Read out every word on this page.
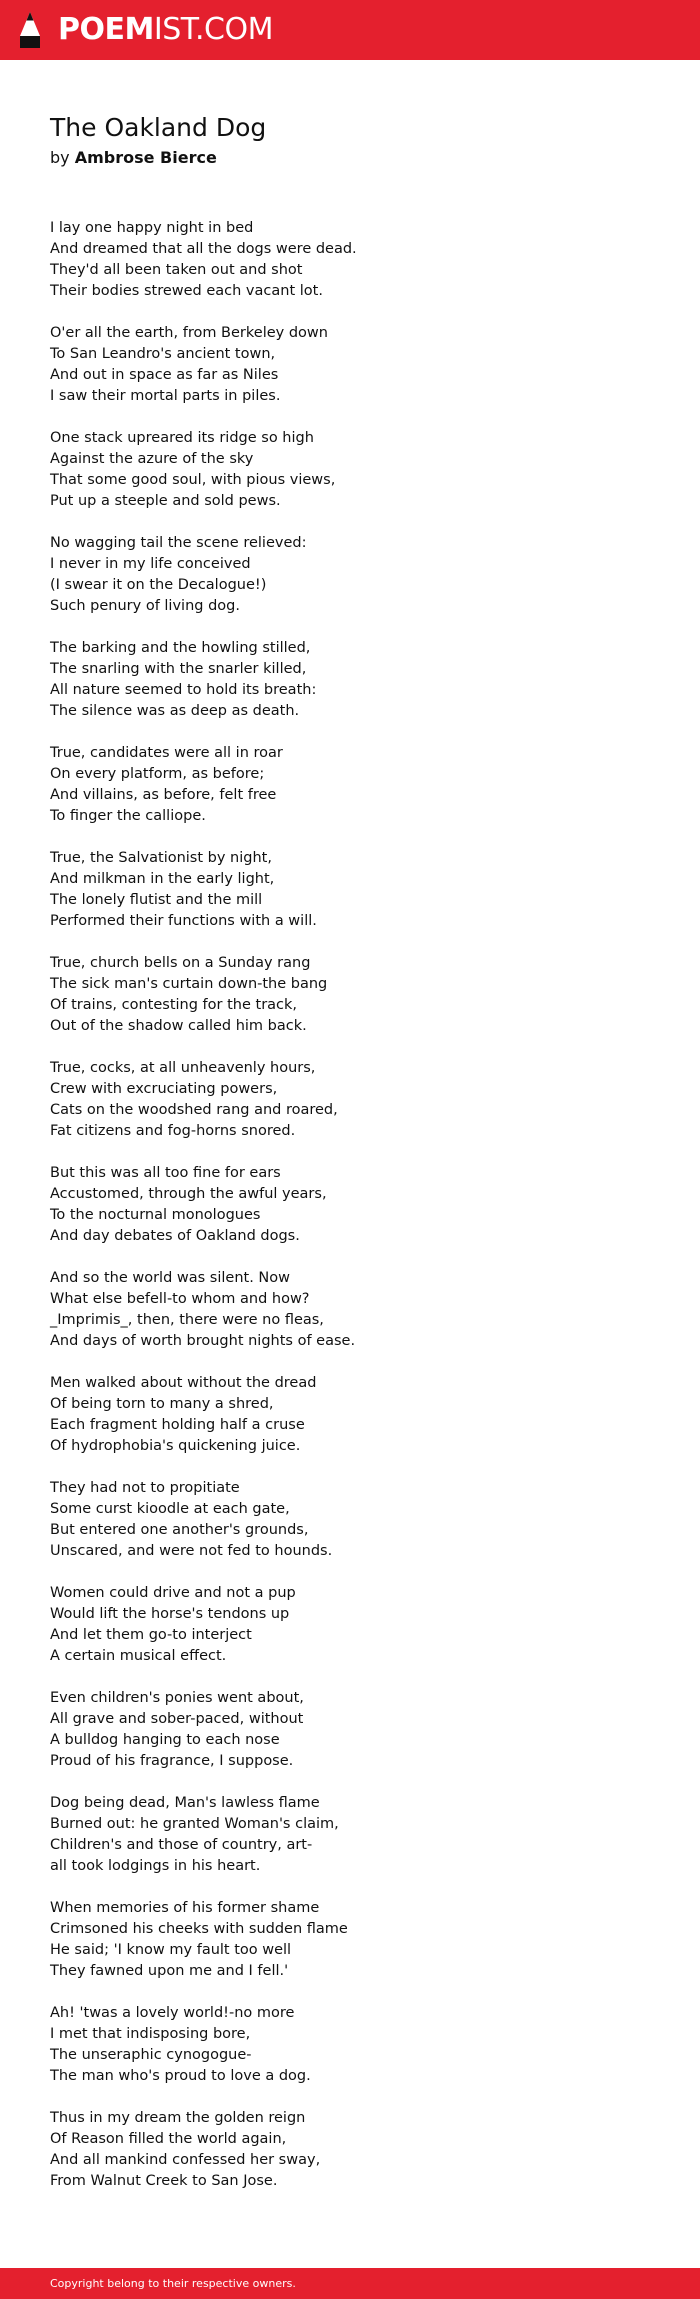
POEMIST.COM
The Oakland Dog
by Ambrose Bierce
I lay one happy night in bed
And dreamed that all the dogs were dead.
They'd all been taken out and shot
Their bodies strewed each vacant lot.
O'er all the earth, from Berkeley down
To San Leandro's ancient town,
And out in space as far as Niles
I saw their mortal parts in piles.
One stack upreared its ridge so high
Against the azure of the sky
That some good soul, with pious views,
Put up a steeple and sold pews.
No wagging tail the scene relieved:
I never in my life conceived
(I swear it on the Decalogue!)
Such penury of living dog.
The barking and the howling stilled,
The snarling with the snarler killed,
All nature seemed to hold its breath:
The silence was as deep as death.
True, candidates were all in roar
On every platform, as before;
And villains, as before, felt free
To finger the calliope.
True, the Salvationist by night,
And milkman in the early light,
The lonely flutist and the mill
Performed their functions with a will.
True, church bells on a Sunday rang
The sick man's curtain down-the bang
Of trains, contesting for the track,
Out of the shadow called him back.
True, cocks, at all unheavenly hours,
Crew with excruciating powers,
Cats on the woodshed rang and roared,
Fat citizens and fog-horns snored.
But this was all too fine for ears
Accustomed, through the awful years,
To the nocturnal monologues
And day debates of Oakland dogs.
And so the world was silent. Now
What else befell-to whom and how?
_Imprimis_, then, there were no fleas,
And days of worth brought nights of ease.
Men walked about without the dread
Of being torn to many a shred,
Each fragment holding half a cruse
Of hydrophobia's quickening juice.
They had not to propitiate
Some curst kioodle at each gate,
But entered one another's grounds,
Unscared, and were not fed to hounds.
Women could drive and not a pup
Would lift the horse's tendons up
And let them go-to interject
A certain musical effect.
Even children's ponies went about,
All grave and sober-paced, without
A bulldog hanging to each nose
Proud of his fragrance, I suppose.
Dog being dead, Man's lawless flame
Burned out: he granted Woman's claim,
Children's and those of country, art-
all took lodgings in his heart.
When memories of his former shame
Crimsoned his cheeks with sudden flame
He said; 'I know my fault too well
They fawned upon me and I fell.'
Ah! 'twas a lovely world!-no more
I met that indisposing bore,
The unseraphic cynogogue-
The man who's proud to love a dog.
Thus in my dream the golden reign
Of Reason filled the world again,
And all mankind confessed her sway,
From Walnut Creek to San Jose.
Copyright belong to their respective owners.
